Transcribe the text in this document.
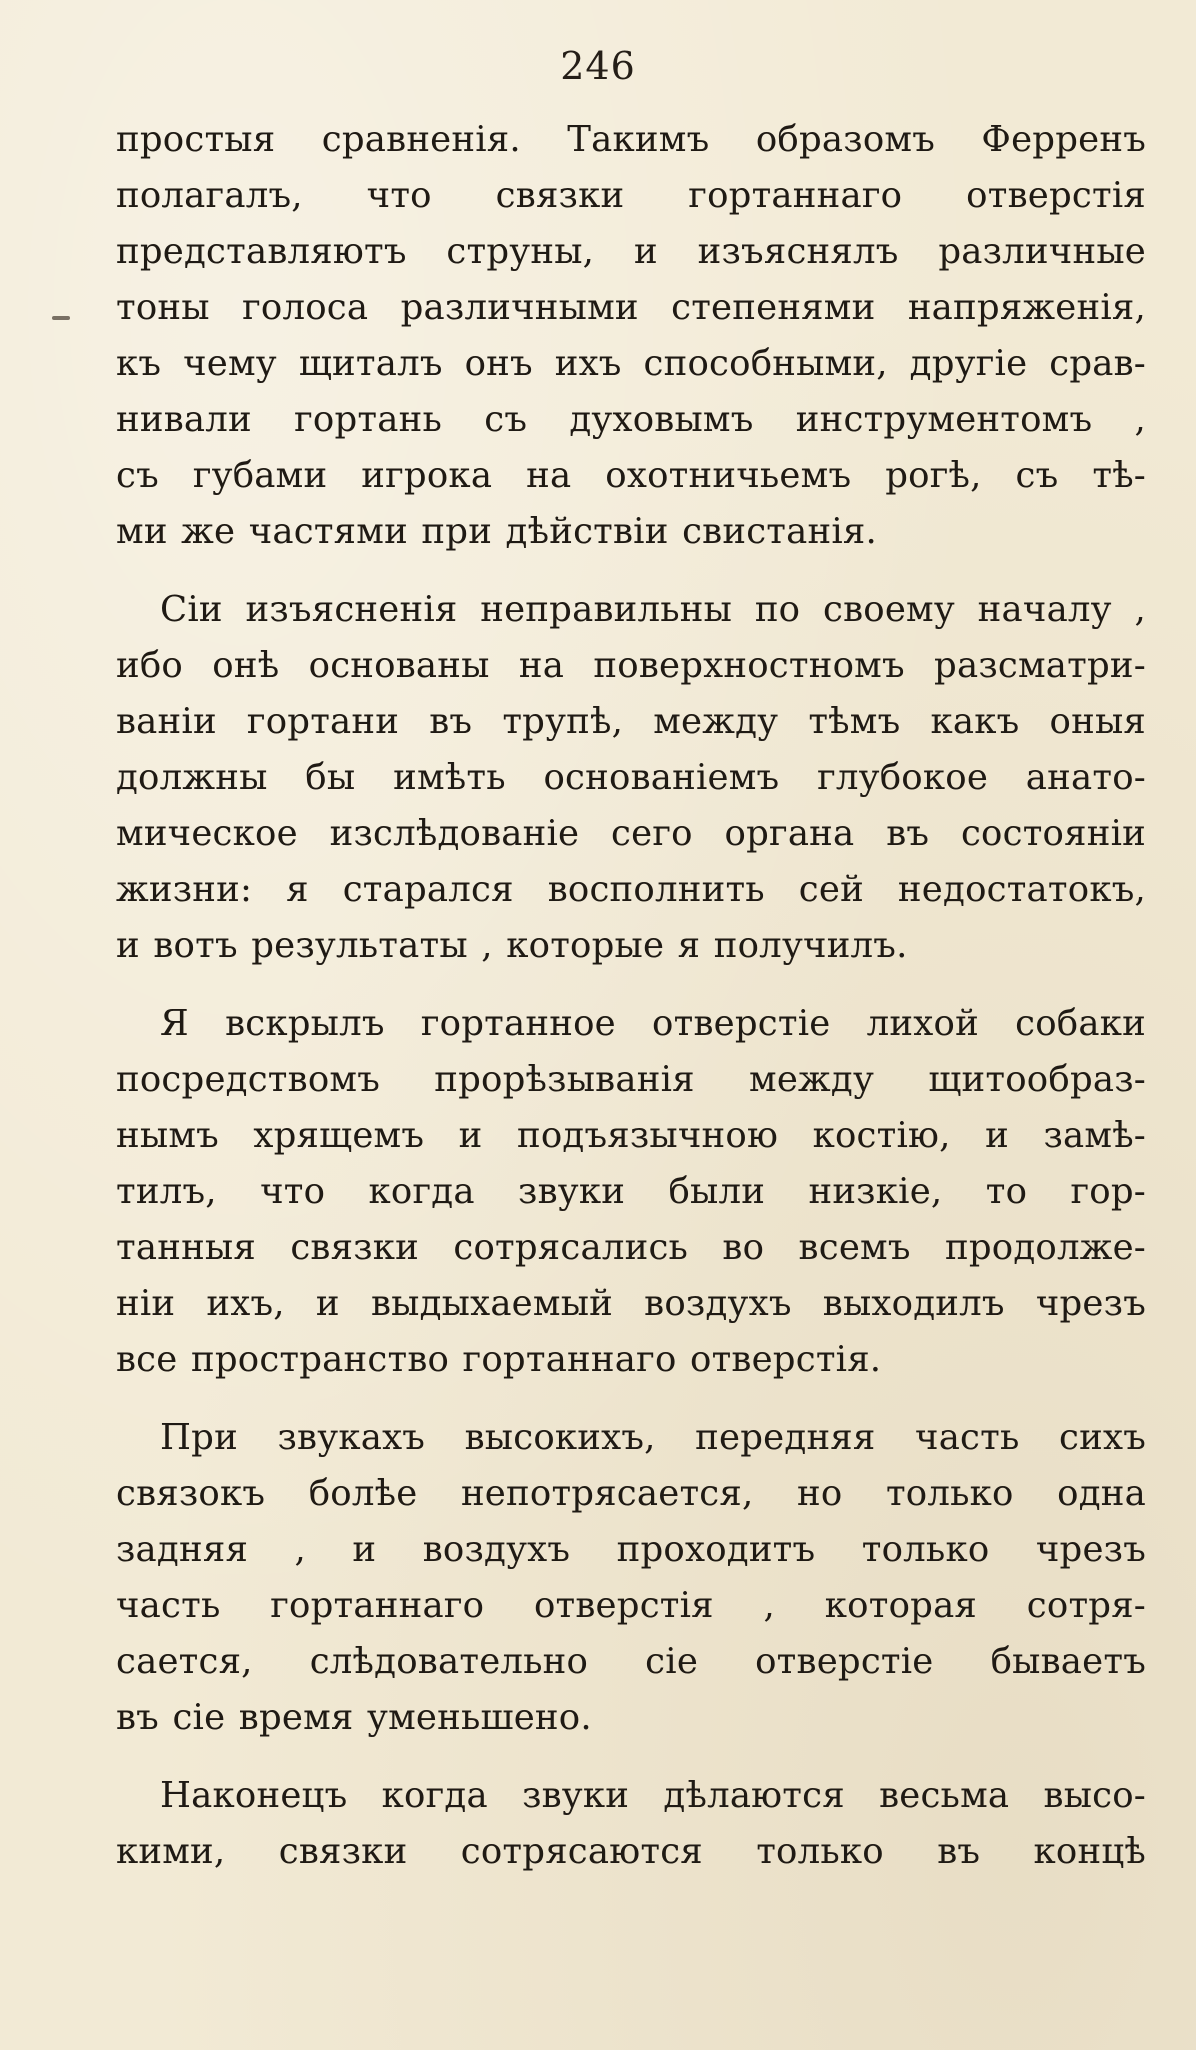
246
простыя сравненія. Такимъ образомъ Ферренъ
полагалъ, что связки гортаннаго отверстія
представляютъ струны, и изъяснялъ различные
тоны голоса различными степенями напряженія,
къ чему щиталъ онъ ихъ способными, другіе срав-
нивали гортань съ духовымъ инструментомъ ,
съ губами игрока на охотничьемъ рогѣ, съ тѣ-
ми же частями при дѣйствіи свистанія.
Сіи изъясненія неправильны по своему началу ,
ибо онѣ основаны на поверхностномъ разсматри-
ваніи гортани въ трупѣ, между тѣмъ какъ оныя
должны бы имѣть основаніемъ глубокое анато-
мическое изслѣдованіе сего органа въ состояніи
жизни: я старался восполнить сей недостатокъ,
и вотъ результаты , которые я получилъ.
Я вскрылъ гортанное отверстіе лихой собаки
посредствомъ прорѣзыванія между щитообраз-
нымъ хрящемъ и подъязычною костію, и замѣ-
тилъ, что когда звуки были низкіе, то гор-
танныя связки сотрясались во всемъ продолже-
ніи ихъ, и выдыхаемый воздухъ выходилъ чрезъ
все пространство гортаннаго отверстія.
При звукахъ высокихъ, передняя часть сихъ
связокъ болѣе непотрясается, но только одна
задняя , и воздухъ проходитъ только чрезъ
часть гортаннаго отверстія , которая сотря-
сается, слѣдовательно сіе отверстіе бываетъ
въ сіе время уменьшено.
Наконецъ когда звуки дѣлаются весьма высо-
кими, связки сотрясаются только въ концѣ
